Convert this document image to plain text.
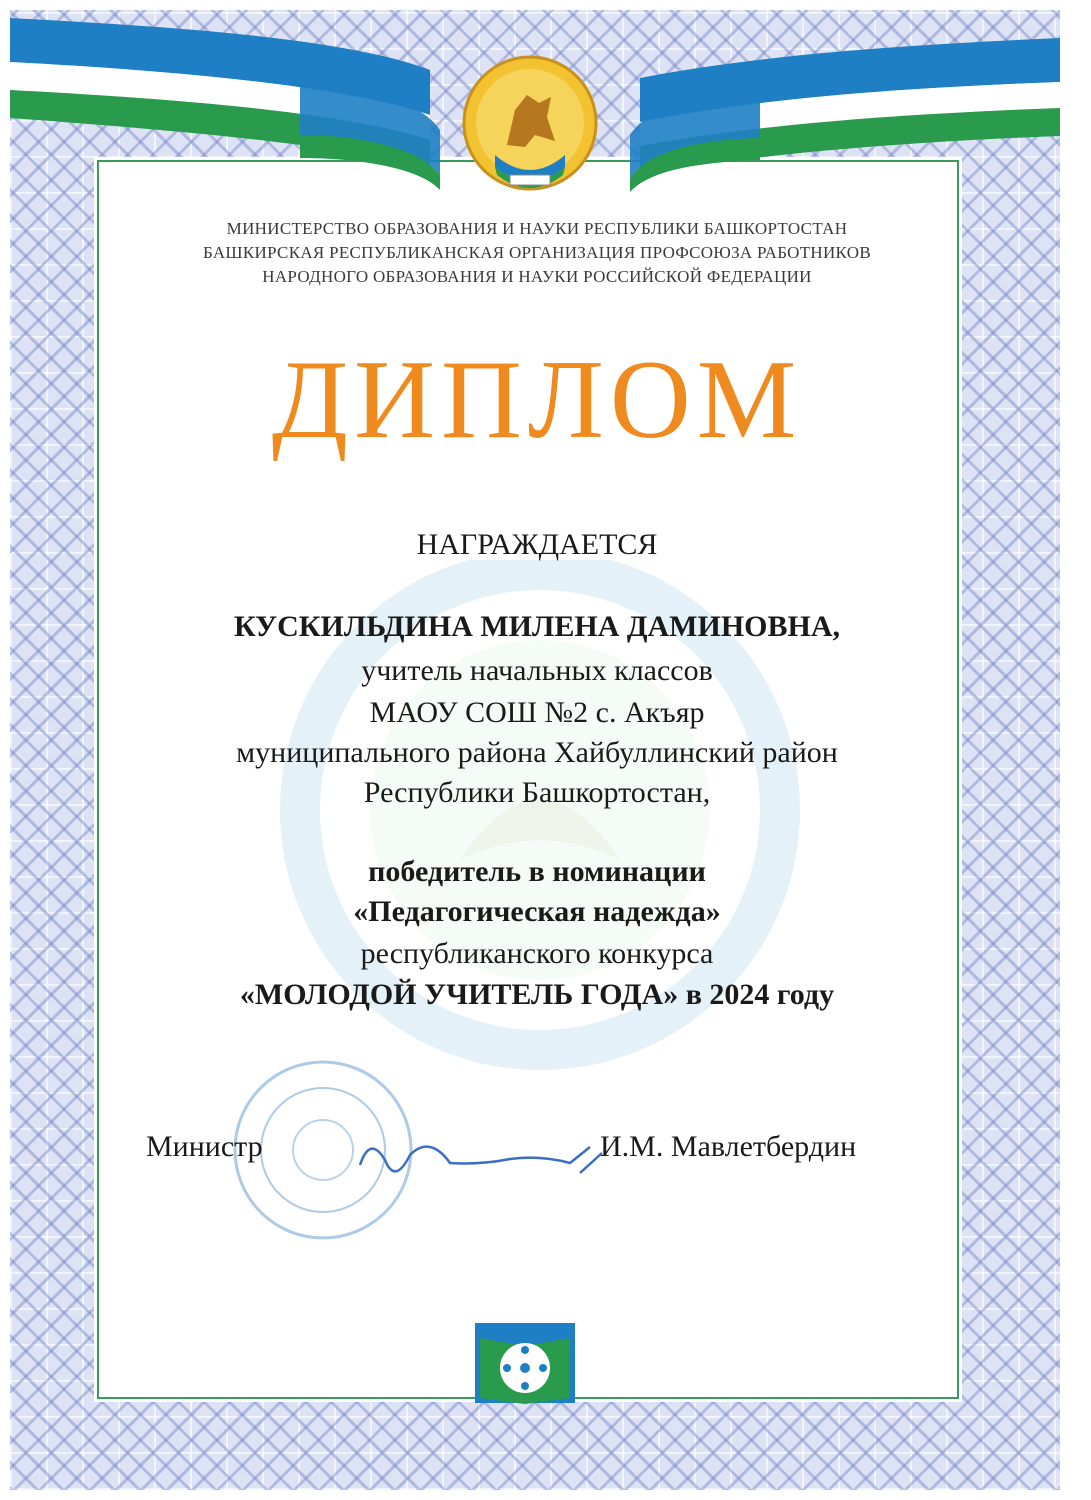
МИНИСТЕРСТВО ОБРАЗОВАНИЯ И НАУКИ РЕСПУБЛИКИ БАШКОРТОСТАН
БАШКИРСКАЯ РЕСПУБЛИКАНСКАЯ ОРГАНИЗАЦИЯ ПРОФСОЮЗА РАБОТНИКОВ
НАРОДНОГО ОБРАЗОВАНИЯ И НАУКИ РОССИЙСКОЙ ФЕДЕРАЦИИ
ДИПЛОМ
НАГРАЖДАЕТСЯ
КУСКИЛЬДИНА МИЛЕНА ДАМИНОВНА,
учитель начальных классов
МАОУ СОШ №2 с. Акъяр
муниципального района Хайбуллинский район
Республики Башкортостан,
победитель в номинации
«Педагогическая надежда»
республиканского конкурса
«МОЛОДОЙ УЧИТЕЛЬ ГОДА» в 2024 году
Министр	И.М. Мавлетбердин
